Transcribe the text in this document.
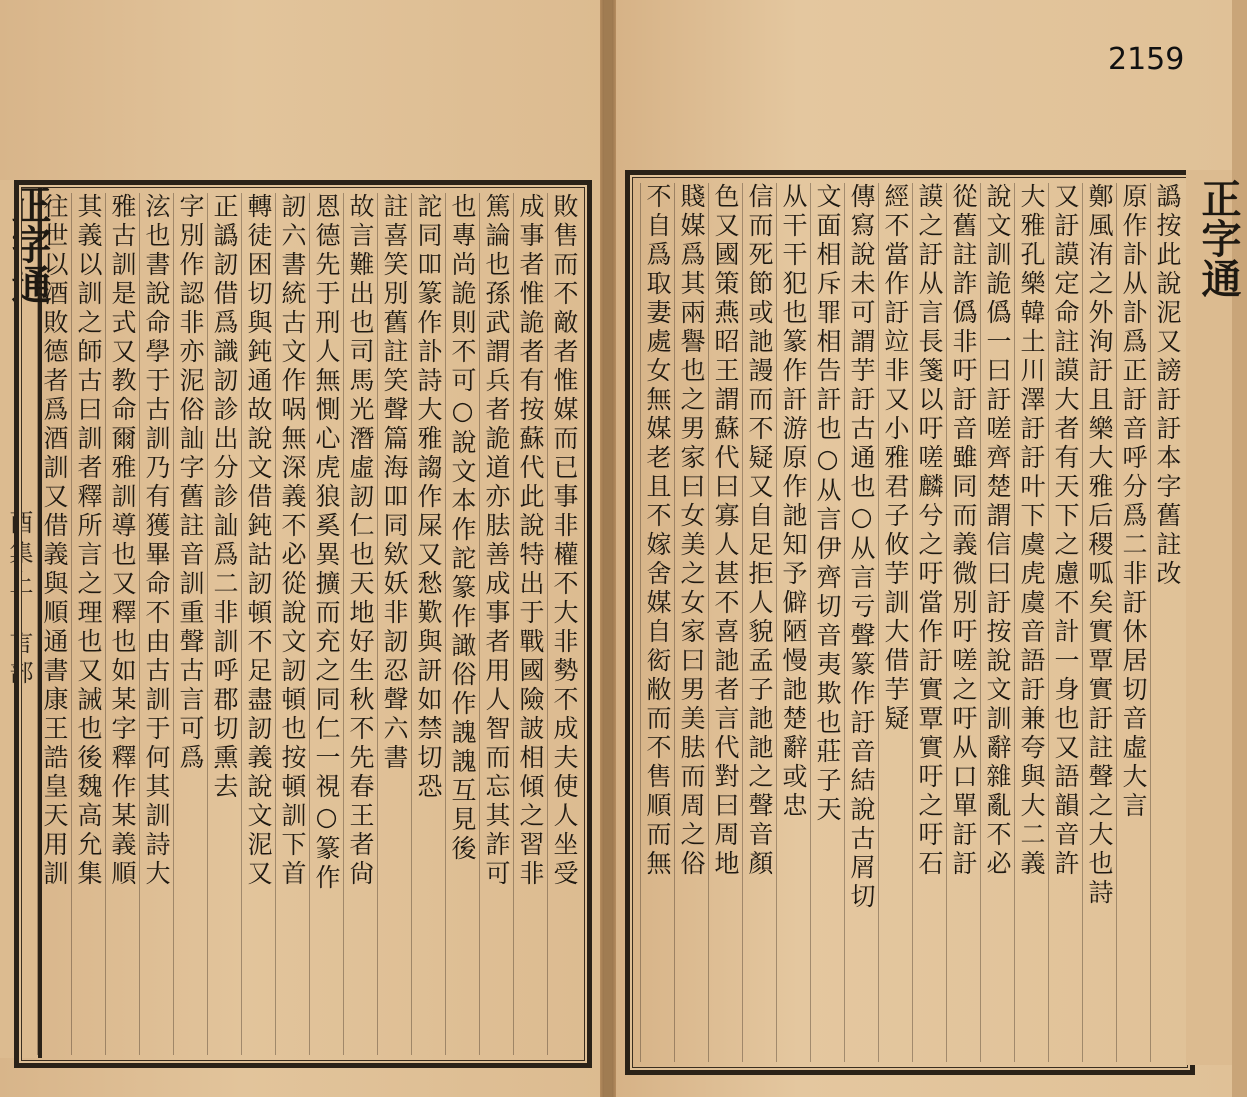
2159
正字通
酉集上　言部	敗售而不敵者惟媒而已事非權不大非勢不成夫使人坐受
成事者惟詭者有按蘇代此說特出于戰國險詖相傾之習非
篤論也孫武謂兵者詭道亦胠善成事者用人智而忘其詐可
也專尚詭則不可○說文本作詑篆作譀俗作謉謉互見後
詑同吅篆作訃詩大雅謅作屎又愁歎與訮如禁切恐
註喜笑別舊註笑聲篇海吅同欸妖非訒忍聲六書
故言難出也司馬光潛虛訒仁也天地好生秋不先春王者尙
恩德先于刑人無惻心虎狼奚異擴而充之同仁一視○篆作
訒六書統古文作㖞無深義不必從說文訒頓也按頓訓下首
轉徒困切與鈍通故說文借鈍詁訒頓不足盡訒義說文泥又
正譌訒借爲識訒診出分診訕爲二非訓呼郡切熏去
字別作認非亦泥俗訕字舊註音訓重聲古言可爲
泫也書說命學于古訓乃有獲畢命不由古訓于何其訓詩大
雅古訓是式又教命爾雅訓導也又釋也如某字釋作某義順
其義以訓之師古曰訓者釋所言之理也又誡也後魏高允集
往世以酒敗德者爲酒訓又借義與順通書康王誥皇天用訓	譌按此說泥又謗訏訏本字舊註改
原作訃从訃爲正訏音呼分爲二非訏休居切音虛大言
鄭風洧之外洵訏且樂大雅后稷呱矣實覃實訏註聲之大也詩
又訏謨定命註謨大者有天下之慮不計一身也又語韻音許
大雅孔樂韓土川澤訏訏叶下虞虎虞音語訏兼夸與大二義
說文訓詭僞一曰訏嗟齊楚謂信曰訏按說文訓辭雜亂不必
從舊註詐僞非吁訏音雖同而義微別吁嗟之吁从口單訏訏
謨之訏从言長箋以吁嗟麟兮之吁當作訏實覃實吁之吁石
經不當作訏竝非又小雅君子攸芋訓大借芋疑
傳寫說未可謂芋訏古通也○从言亏聲篆作訏音結說古屑切
文面相斥罪相告訐也○从言伊齊切音夷欺也莊子天
从干干犯也篆作訐游原作訑知予僻陋慢訑楚辭或忠
信而死節或訑謾而不疑又自足拒人貌孟子訑訑之聲音顏
色又國策燕昭王謂蘇代曰寡人甚不喜訑者言代對曰周地
賤媒爲其兩譽也之男家曰女美之女家曰男美胠而周之俗
不自爲取妻處女無媒老且不嫁舍媒自衒敝而不售順而無	正字通
